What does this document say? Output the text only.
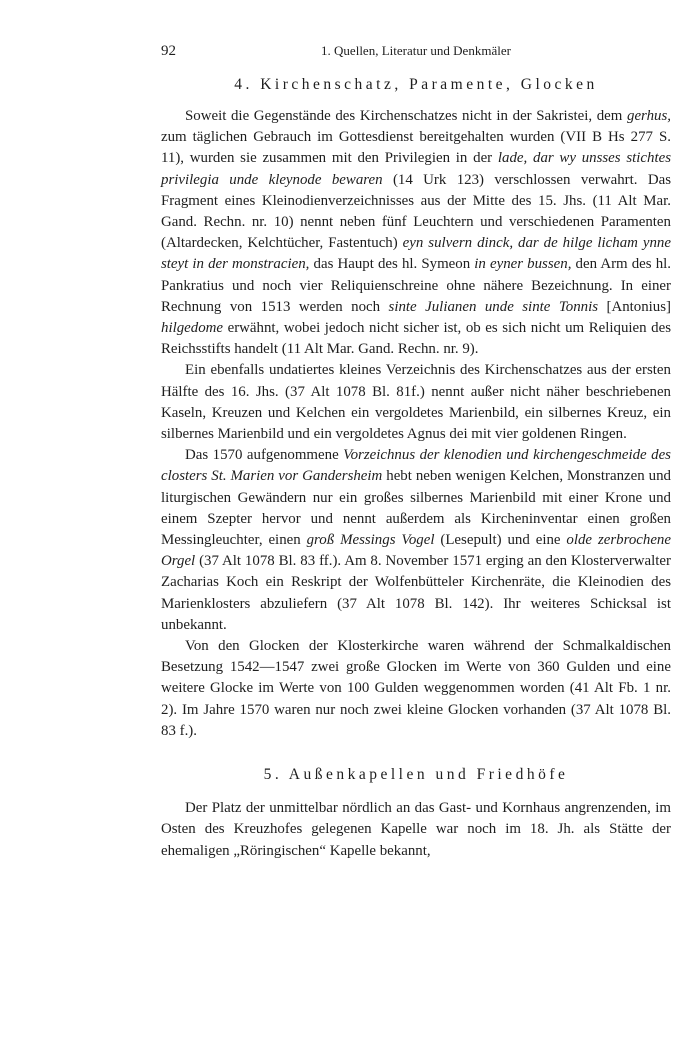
92	1. Quellen, Literatur und Denkmäler
4. Kirchenschatz, Paramente, Glocken

Soweit die Gegenstände des Kirchenschatzes nicht in der Sakristei, dem gerhus, zum täglichen Gebrauch im Gottesdienst bereitgehalten wurden (VII B Hs 277 S. 11), wurden sie zusammen mit den Privilegien in der lade, dar wy unsses stichtes privilegia unde kleynode bewaren (14 Urk 123) verschlossen verwahrt. Das Fragment eines Kleinodienverzeichnisses aus der Mitte des 15. Jhs. (11 Alt Mar. Gand. Rechn. nr. 10) nennt neben fünf Leuchtern und verschiedenen Paramenten (Altardecken, Kelchtücher, Fastentuch) eyn sulvern dinck, dar de hilge licham ynne steyt in der monstracien, das Haupt des hl. Symeon in eyner bussen, den Arm des hl. Pankratius und noch vier Reliquienschreine ohne nähere Bezeichnung. In einer Rechnung von 1513 werden noch sinte Julianen unde sinte Tonnis [Antonius] hilgedome erwähnt, wobei jedoch nicht sicher ist, ob es sich nicht um Reliquien des Reichsstifts handelt (11 Alt Mar. Gand. Rechn. nr. 9).

Ein ebenfalls undatiertes kleines Verzeichnis des Kirchenschatzes aus der ersten Hälfte des 16. Jhs. (37 Alt 1078 Bl. 81f.) nennt außer nicht näher beschriebenen Kaseln, Kreuzen und Kelchen ein vergoldetes Marienbild, ein silbernes Kreuz, ein silbernes Marienbild und ein vergoldetes Agnus dei mit vier goldenen Ringen.

Das 1570 aufgenommene Vorzeichnus der klenodien und kirchengeschmeide des closters St. Marien vor Gandersheim hebt neben wenigen Kelchen, Monstranzen und liturgischen Gewändern nur ein großes silbernes Marienbild mit einer Krone und einem Szepter hervor und nennt außerdem als Kircheninventar einen großen Messingleuchter, einen groß Messings Vogel (Lesepult) und eine olde zerbrochene Orgel (37 Alt 1078 Bl. 83 ff.). Am 8. November 1571 erging an den Klosterverwalter Zacharias Koch ein Reskript der Wolfenbütteler Kirchenräte, die Kleinodien des Marienklosters abzuliefern (37 Alt 1078 Bl. 142). Ihr weiteres Schicksal ist unbekannt.

Von den Glocken der Klosterkirche waren während der Schmalkaldischen Besetzung 1542—1547 zwei große Glocken im Werte von 360 Gulden und eine weitere Glocke im Werte von 100 Gulden weggenommen worden (41 Alt Fb. 1 nr. 2). Im Jahre 1570 waren nur noch zwei kleine Glocken vorhanden (37 Alt 1078 Bl. 83 f.).

5. Außenkapellen und Friedhöfe

Der Platz der unmittelbar nördlich an das Gast- und Kornhaus angrenzenden, im Osten des Kreuzhofes gelegenen Kapelle war noch im 18. Jh. als Stätte der ehemaligen „Röringischen“ Kapelle bekannt,
